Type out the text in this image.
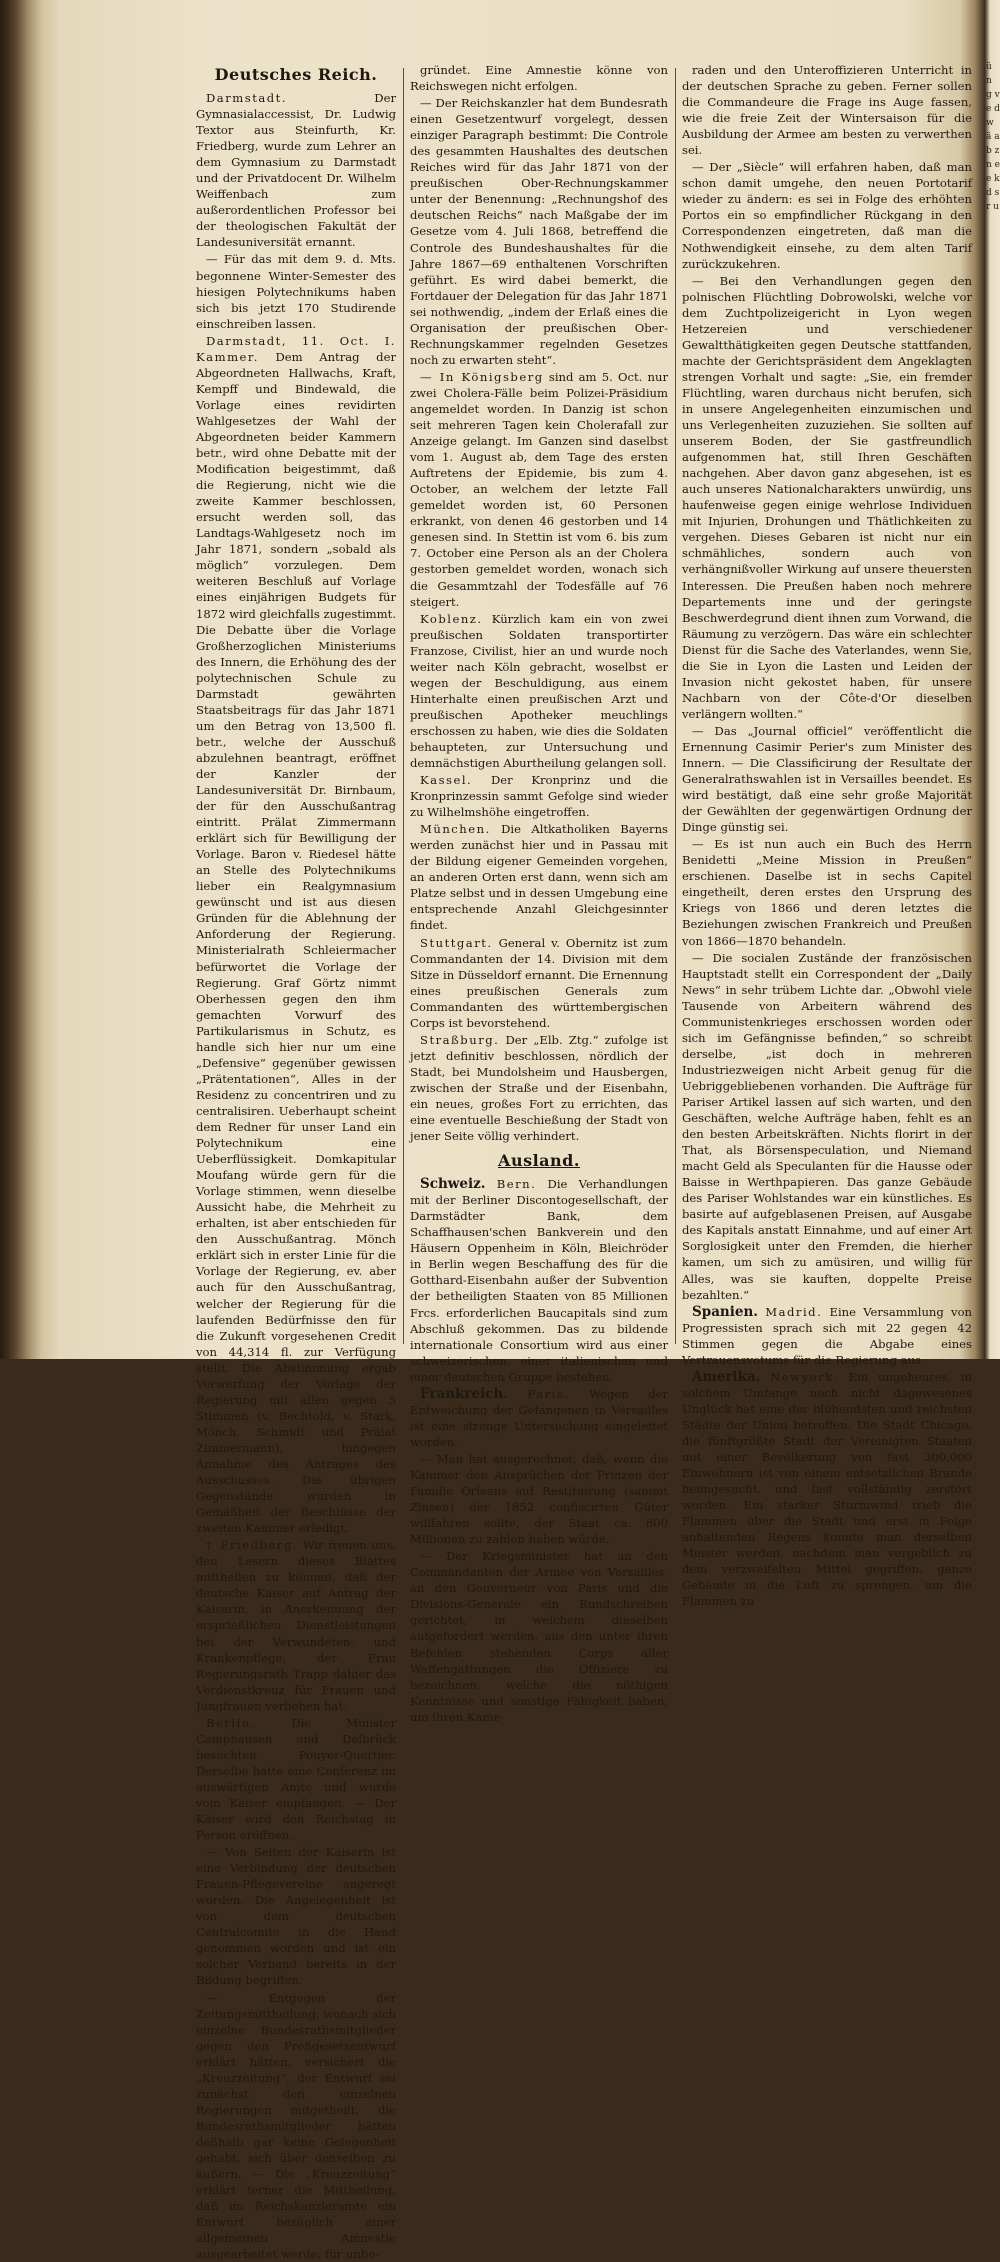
ü n g v e d w ä a b z n e e k d s r u
Deutsches Reich.

Darmstadt.	Der Gymnasialaccessist, Dr. Ludwig Textor aus Steinfurth, Kr. Friedberg, wurde zum Lehrer an dem Gymnasium zu Darmstadt und der Privatdocent Dr. Wilhelm Weiffenbach zum außerordentlichen Professor bei der theologischen Fakultät der Landesuniversität ernannt.

— Für das mit dem 9. d. Mts. begonnene Winter-Semester des hiesigen Polytechnikums haben sich bis jetzt 170 Studirende einschreiben lassen.

Darmstadt, 11. Oct. I. Kammer. Dem Antrag der Abgeordneten Hallwachs, Kraft, Kempff und Bindewald, die Vorlage eines revidirten Wahlgesetzes der Wahl der Abgeordneten beider Kammern betr., wird ohne Debatte mit der Modification beigestimmt, daß die Regierung, nicht wie die zweite Kammer beschlossen, ersucht werden soll, das Landtags-Wahlgesetz noch im Jahr 1871, sondern „sobald als möglich“ vorzulegen. Dem weiteren Beschluß auf Vorlage eines einjährigen Budgets für 1872 wird gleichfalls zugestimmt. Die Debatte über die Vorlage Großherzoglichen Ministeriums des Innern, die Erhöhung des der polytechnischen Schule zu Darmstadt gewährten Staatsbeitrags für das Jahr 1871 um den Betrag von 13,500 fl. betr., welche der Ausschuß abzulehnen beantragt, eröffnet der Kanzler der Landesuniversität Dr. Birnbaum, der für den Ausschußantrag eintritt. Prälat Zimmermann erklärt sich für Bewilligung der Vorlage. Baron v. Riedesel hätte an Stelle des Polytechnikums lieber ein Realgymnasium gewünscht und ist aus diesen Gründen für die Ablehnung der Anforderung der Regierung. Ministerialrath Schleiermacher befürwortet die Vorlage der Regierung. Graf Görtz nimmt Oberhessen gegen den ihm gemachten Vorwurf des Partikularismus in Schutz, es handle sich hier nur um eine „Defensive“ gegenüber gewissen „Prätentationen“, Alles in der Residenz zu concentriren und zu centralisiren. Ueberhaupt scheint dem Redner für unser Land ein Polytechnikum eine Ueberflüssigkeit. Domkapitular Moufang würde gern für die Vorlage stimmen, wenn dieselbe Aussicht habe, die Mehrheit zu erhalten, ist aber entschieden für den Ausschußantrag. Mönch erklärt sich in erster Linie für die Vorlage der Regierung, ev. aber auch für den Ausschußantrag, welcher der Regierung für die laufenden Bedürfnisse den für die Zukunft vorgesehenen Credit von 44,314 fl. zur Verfügung stellt. Die Abstimmung ergab Verwerfung der Vorlage der Regierung mit allen gegen 5 Stimmen (v. Bechtold, v. Stark, Mönch, Schmidt und Prälat Zimmermann), hingegen Annahme des Antrages des Ausschusses. Die übrigen Gegenstände wurden in Gemäßheit der Beschlüsse der zweiten Kammer erledigt.

† Friedberg. Wir freuen uns, den Lesern dieses Blattes mittheilen zu können, daß der deutsche Kaiser auf Antrag der Kaiserin, in Anerkennung der ersprießlichen Dienstleistungen bei der Verwundeten- und Krankenpflege, der Frau Regierungsrath Trapp dahier das Verdienstkreuz für Frauen und Jungfrauen verliehen hat.

Berlin.	Die Minister Camphausen und Delbrück besuchten Pouyer-Quertier. Derselbe hatte eine Conferenz im auswärtigen Amte und wurde vom Kaiser empfangen. — Der Kaiser wird den Reichstag in Person eröffnen.

— Von Seiten der Kaiserin ist eine Verbindung der deutschen Frauen-Pflegevereine angeregt worden. Die Angelegenheit ist von dem deutschen Centralcomite in die Hand genommen worden und ist ein solcher Verband bereits in der Bildung begriffen.

— Entgegen der Zeitungsmittheilung, wonach sich einzelne Bundesrathsmitglieder gegen den Preßgesetzentwurf erklärt hätten, versichert die „Kreuzzeitung“, der Entwurf sei zunächst den einzelnen Regierungen mitgetheilt, die Bundesrathsmitglieder hätten deßhalb gar keine Gelegenheit gehabt, sich über denselben zu äußern. — Die „Kreuzzeitung“ erklärt ferner die Mittheilung, daß im Reichskanzleramte ein Entwurf bezüglich einer allgemeinen Amnestie ausgearbeitet werde, für unbe-

gründet. Eine Amnestie könne von Reichswegen nicht erfolgen.

— Der Reichskanzler hat dem Bundesrath einen Gesetzentwurf vorgelegt, dessen einziger Paragraph bestimmt: Die Controle des gesammten Haushaltes des deutschen Reiches wird für das Jahr 1871 von der preußischen Ober-Rechnungskammer unter der Benennung: „Rechnungshof des deutschen Reichs“ nach Maßgabe der im Gesetze vom 4. Juli 1868, betreffend die Controle des Bundeshaushaltes für die Jahre 1867—69 enthaltenen Vorschriften geführt. Es wird dabei bemerkt, die Fortdauer der Delegation für das Jahr 1871 sei nothwendig, „indem der Erlaß eines die Organisation der preußischen Ober-Rechnungskammer regelnden Gesetzes noch zu erwarten steht“.

— In Königsberg sind am 5. Oct. nur zwei Cholera-Fälle beim Polizei-Präsidium angemeldet worden. In Danzig ist schon seit mehreren Tagen kein Cholerafall zur Anzeige gelangt. Im Ganzen sind daselbst vom 1. August ab, dem Tage des ersten Auftretens der Epidemie, bis zum 4. October, an welchem der letzte Fall gemeldet worden ist, 60 Personen erkrankt, von denen 46 gestorben und 14 genesen sind. In Stettin ist vom 6. bis zum 7. October eine Person als an der Cholera gestorben gemeldet worden, wonach sich die Gesammtzahl der Todesfälle auf 76 steigert.

Koblenz. Kürzlich kam ein von zwei preußischen Soldaten transportirter Franzose, Civilist, hier an und wurde noch weiter nach Köln gebracht, woselbst er wegen der Beschuldigung, aus einem Hinterhalte einen preußischen Arzt und preußischen Apotheker meuchlings erschossen zu haben, wie dies die Soldaten behaupteten, zur Untersuchung und demnächstigen Aburtheilung gelangen soll.

Kassel. Der Kronprinz und die Kronprinzessin sammt Gefolge sind wieder zu Wilhelmshöhe eingetroffen.

München. Die Altkatholiken Bayerns werden zunächst hier und in Passau mit der Bildung eigener Gemeinden vorgehen, an anderen Orten erst dann, wenn sich am Platze selbst und in dessen Umgebung eine entsprechende Anzahl Gleichgesinnter findet.

Stuttgart. General v. Obernitz ist zum Commandanten der 14. Division mit dem Sitze in Düsseldorf ernannt. Die Ernennung eines preußischen Generals zum Commandanten des württembergischen Corps ist bevorstehend.

Straßburg. Der „Elb. Ztg.“ zufolge ist jetzt definitiv beschlossen, nördlich der Stadt, bei Mundolsheim und Hausbergen, zwischen der Straße und der Eisenbahn, ein neues, großes Fort zu errichten, das eine eventuelle Beschießung der Stadt von jener Seite völlig verhindert.

Ausland.

Schweiz. Bern. Die Verhandlungen mit der Berliner Discontogesellschaft, der Darmstädter Bank, dem Schaffhausen'schen Bankverein und den Häusern Oppenheim in Köln, Bleichröder in Berlin wegen Beschaffung des für die Gotthard-Eisenbahn außer der Subvention der betheiligten Staaten von 85 Millionen Frcs. erforderlichen Baucapitals sind zum Abschluß gekommen. Das zu bildende internationale Consortium wird aus einer schweizerischen, einer italienischen und einer deutschen Gruppe bestehen.

Frankreich. Paris. Wegen der Entweichung der Gefangenen in Versailles ist eine strenge Untersuchung eingeleitet worden.

— Man hat ausgerechnet, daß, wenn die Kammer den Ansprüchen der Prinzen der Familie Orleans auf Restituirung (sammt Zinsen) der 1852 confiscirten Güter willfahren sollte, der Staat ca. 800 Millionen zu zahlen haben würde.

— Der Kriegsminister hat an den Commandanten der Armee von Versailles, an den Gouverneur von Paris und die Divisions-Generale ein Rundschreiben gerichtet, in welchem dieselben aufgefordert werden, aus den unter ihren Befehlen stehenden Corps aller Waffengattungen die Offiziere zu bezeichnen, welche die nöthigen Kenntnisse und sonstige Fähigkeit haben, um ihren Kame-

raden und den Unteroffizieren Unterricht in der deutschen Sprache zu geben. Ferner sollen die Commandeure die Frage ins Auge fassen, wie die freie Zeit der Wintersaison für die Ausbildung der Armee am besten zu verwerthen sei.

— Der „Siècle“ will erfahren haben, daß man schon damit umgehe, den neuen Portotarif wieder zu ändern: es sei in Folge des erhöhten Portos ein so empfindlicher Rückgang in den Correspondenzen eingetreten, daß man die Nothwendigkeit einsehe, zu dem alten Tarif zurückzukehren.

— Bei den Verhandlungen gegen den polnischen Flüchtling Dobrowolski, welche vor dem Zuchtpolizeigericht in Lyon wegen Hetzereien und verschiedener Gewaltthätigkeiten gegen Deutsche stattfanden, machte der Gerichtspräsident dem Angeklagten strengen Vorhalt und sagte: „Sie, ein fremder Flüchtling, waren durchaus nicht berufen, sich in unsere Angelegenheiten einzumischen und uns Verlegenheiten zuzuziehen. Sie sollten auf unserem Boden, der Sie gastfreundlich aufgenommen hat, still Ihren Geschäften nachgehen. Aber davon ganz abgesehen, ist es auch unseres Nationalcharakters unwürdig, uns haufenweise gegen einige wehrlose Individuen mit Injurien, Drohungen und Thätlichkeiten zu vergehen. Dieses Gebaren ist nicht nur ein schmähliches, sondern auch von verhängnißvoller Wirkung auf unsere theuersten Interessen. Die Preußen haben noch mehrere Departements inne und der geringste Beschwerdegrund dient ihnen zum Vorwand, die Räumung zu verzögern. Das wäre ein schlechter Dienst für die Sache des Vaterlandes, wenn Sie, die Sie in Lyon die Lasten und Leiden der Invasion nicht gekostet haben, für unsere Nachbarn von der Côte-d'Or dieselben verlängern wollten.“

— Das „Journal officiel“ veröffentlicht die Ernennung Casimir Perier's zum Minister des Innern. — Die Classificirung der Resultate der Generalrathswahlen ist in Versailles beendet. Es wird bestätigt, daß eine sehr große Majorität der Gewählten der gegenwärtigen Ordnung der Dinge günstig sei.

— Es ist nun auch ein Buch des Herrn Benidetti „Meine Mission in Preußen“ erschienen. Daselbe ist in sechs Capitel eingetheilt, deren erstes den Ursprung des Kriegs von 1866 und deren letztes die Beziehungen zwischen Frankreich und Preußen von 1866—1870 behandeln.

— Die socialen Zustände der französischen Hauptstadt stellt ein Correspondent der „Daily News“ in sehr trübem Lichte dar. „Obwohl viele Tausende von Arbeitern während des Communistenkrieges erschossen worden oder sich im Gefängnisse befinden,“ so schreibt derselbe, „ist doch in mehreren Industriezweigen nicht Arbeit genug für die Uebriggebliebenen vorhanden. Die Aufträge für Pariser Artikel lassen auf sich warten, und den Geschäften, welche Aufträge haben, fehlt es an den besten Arbeitskräften. Nichts florirt in der That, als Börsenspeculation, und Niemand macht Geld als Speculanten für die Hausse oder Baisse in Werthpapieren. Das ganze Gebäude des Pariser Wohlstandes war ein künstliches. Es basirte auf aufgeblasenen Preisen, auf Ausgabe des Kapitals anstatt Einnahme, und auf einer Art Sorglosigkeit unter den Fremden, die hierher kamen, um sich zu amüsiren, und willig für Alles, was sie kauften, doppelte Preise bezahlten.“

Spanien. Madrid. Eine Versammlung von Progressisten sprach sich mit 22 gegen 42 Stimmen gegen die Abgabe eines Vertrauensvotums für die Regierung aus.

Amerika. Newyork. Ein ungeheures, in solchem Umfange noch nicht dagewesenes Unglück hat eine der blühendsten und reichsten Städte der Union betroffen. Die Stadt Chicago, die fünftgrößte Stadt der Vereinigten Staaten mit einer Bevölkerung von fast 300,000 Einwohnern ist von einem entsetzlichen Brande heimgesucht, und fast vollständig zerstört worden. Ein starker Sturmwind trieb die Flammen über die Stadt und erst in Folge anhaltenden Regens konnte man derselben Meister werden, nachdem man vergeblich zu dem verzweifelten Mittel gegriffen, ganze Gebäude in die Luft zu sprengen, um die Flammen zu
